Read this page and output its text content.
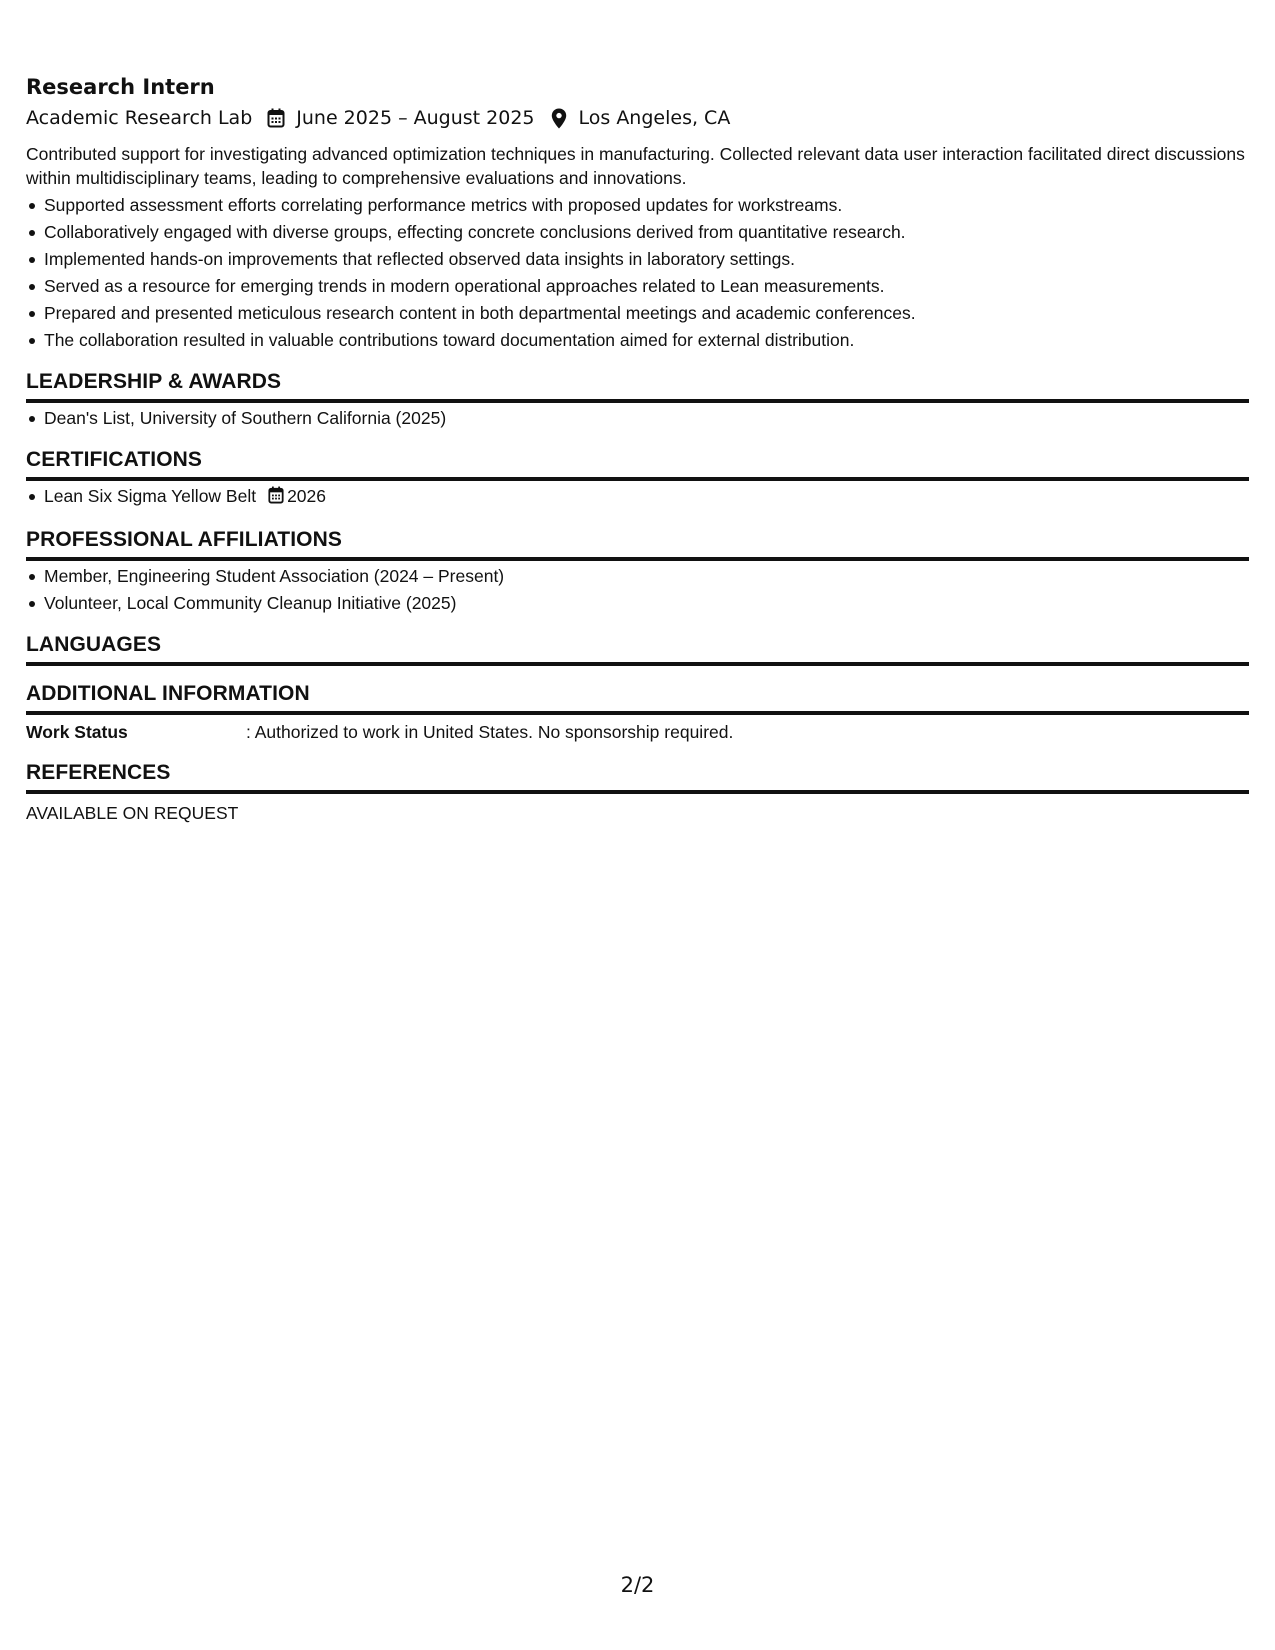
Research Intern
Academic Research Lab June 2025 – August 2025 Los Angeles, CA
Contributed support for investigating advanced optimization techniques in manufacturing. Collected relevant data user interaction facilitated direct discussions within multidisciplinary teams, leading to comprehensive evaluations and innovations.
Supported assessment efforts correlating performance metrics with proposed updates for workstreams.
Collaboratively engaged with diverse groups, effecting concrete conclusions derived from quantitative research.
Implemented hands-on improvements that reflected observed data insights in laboratory settings.
Served as a resource for emerging trends in modern operational approaches related to Lean measurements.
Prepared and presented meticulous research content in both departmental meetings and academic conferences.
The collaboration resulted in valuable contributions toward documentation aimed for external distribution.
LEADERSHIP & AWARDS
Dean's List, University of Southern California (2025)
CERTIFICATIONS
Lean Six Sigma Yellow Belt 2026
PROFESSIONAL AFFILIATIONS
Member, Engineering Student Association (2024 – Present)
Volunteer, Local Community Cleanup Initiative (2025)
LANGUAGES
ADDITIONAL INFORMATION
Work Status	: Authorized to work in United States. No sponsorship required.
REFERENCES
AVAILABLE ON REQUEST
2/2
